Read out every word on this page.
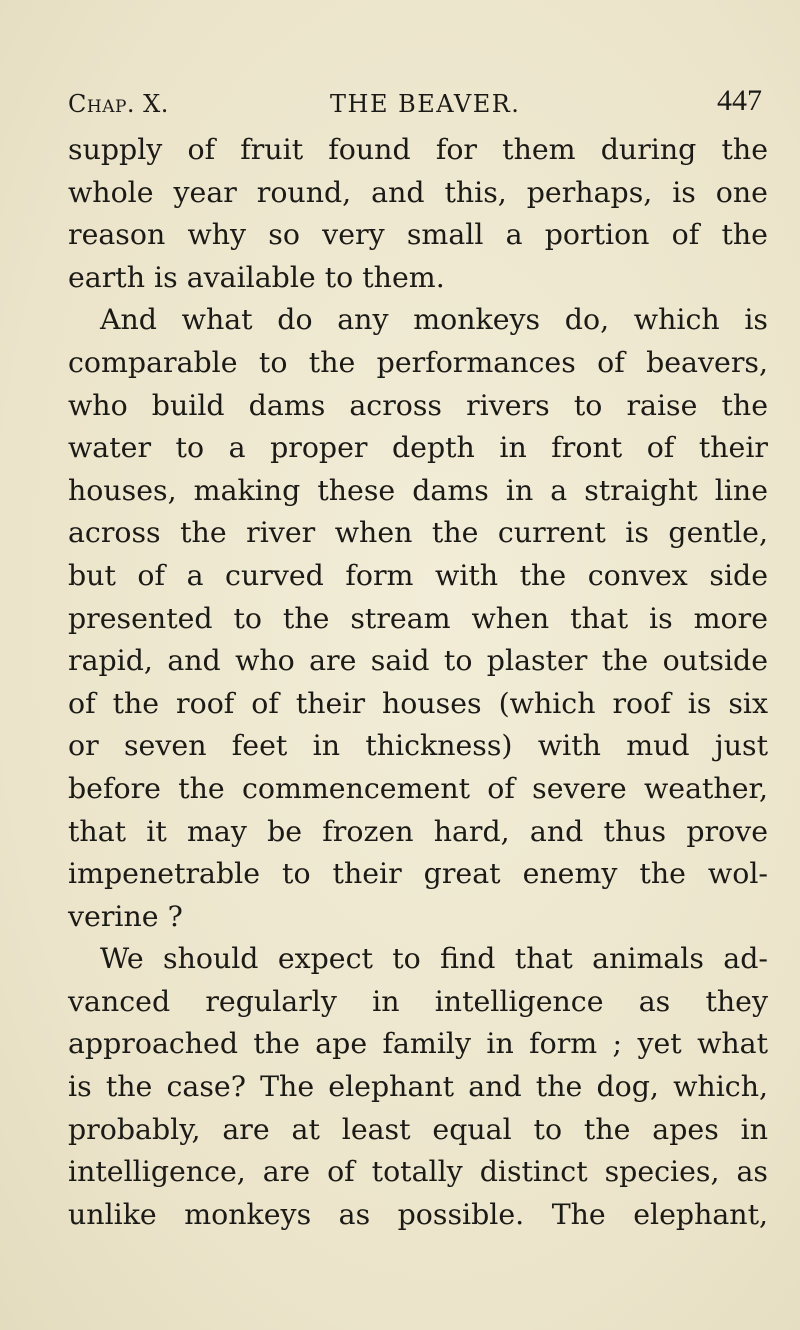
Chap. X.	THE BEAVER.	447
supply of fruit found for them during the
whole year round, and this, perhaps, is one
reason why so very small a portion of the
earth is available to them.
And what do any monkeys do, which is
comparable to the performances of beavers,
who build dams across rivers to raise the
water to a proper depth in front of their
houses, making these dams in a straight line
across the river when the current is gentle,
but of a curved form with the convex side
presented to the stream when that is more
rapid, and who are said to plaster the outside
of the roof of their houses (which roof is six
or seven feet in thickness) with mud just
before the commencement of severe weather,
that it may be frozen hard, and thus prove
impenetrable to their great enemy the wol-
verine ?
We should expect to find that animals ad-
vanced regularly in intelligence as they
approached the ape family in form ; yet what
is the case? The elephant and the dog, which,
probably, are at least equal to the apes in
intelligence, are of totally distinct species, as
unlike monkeys as possible. The elephant,
